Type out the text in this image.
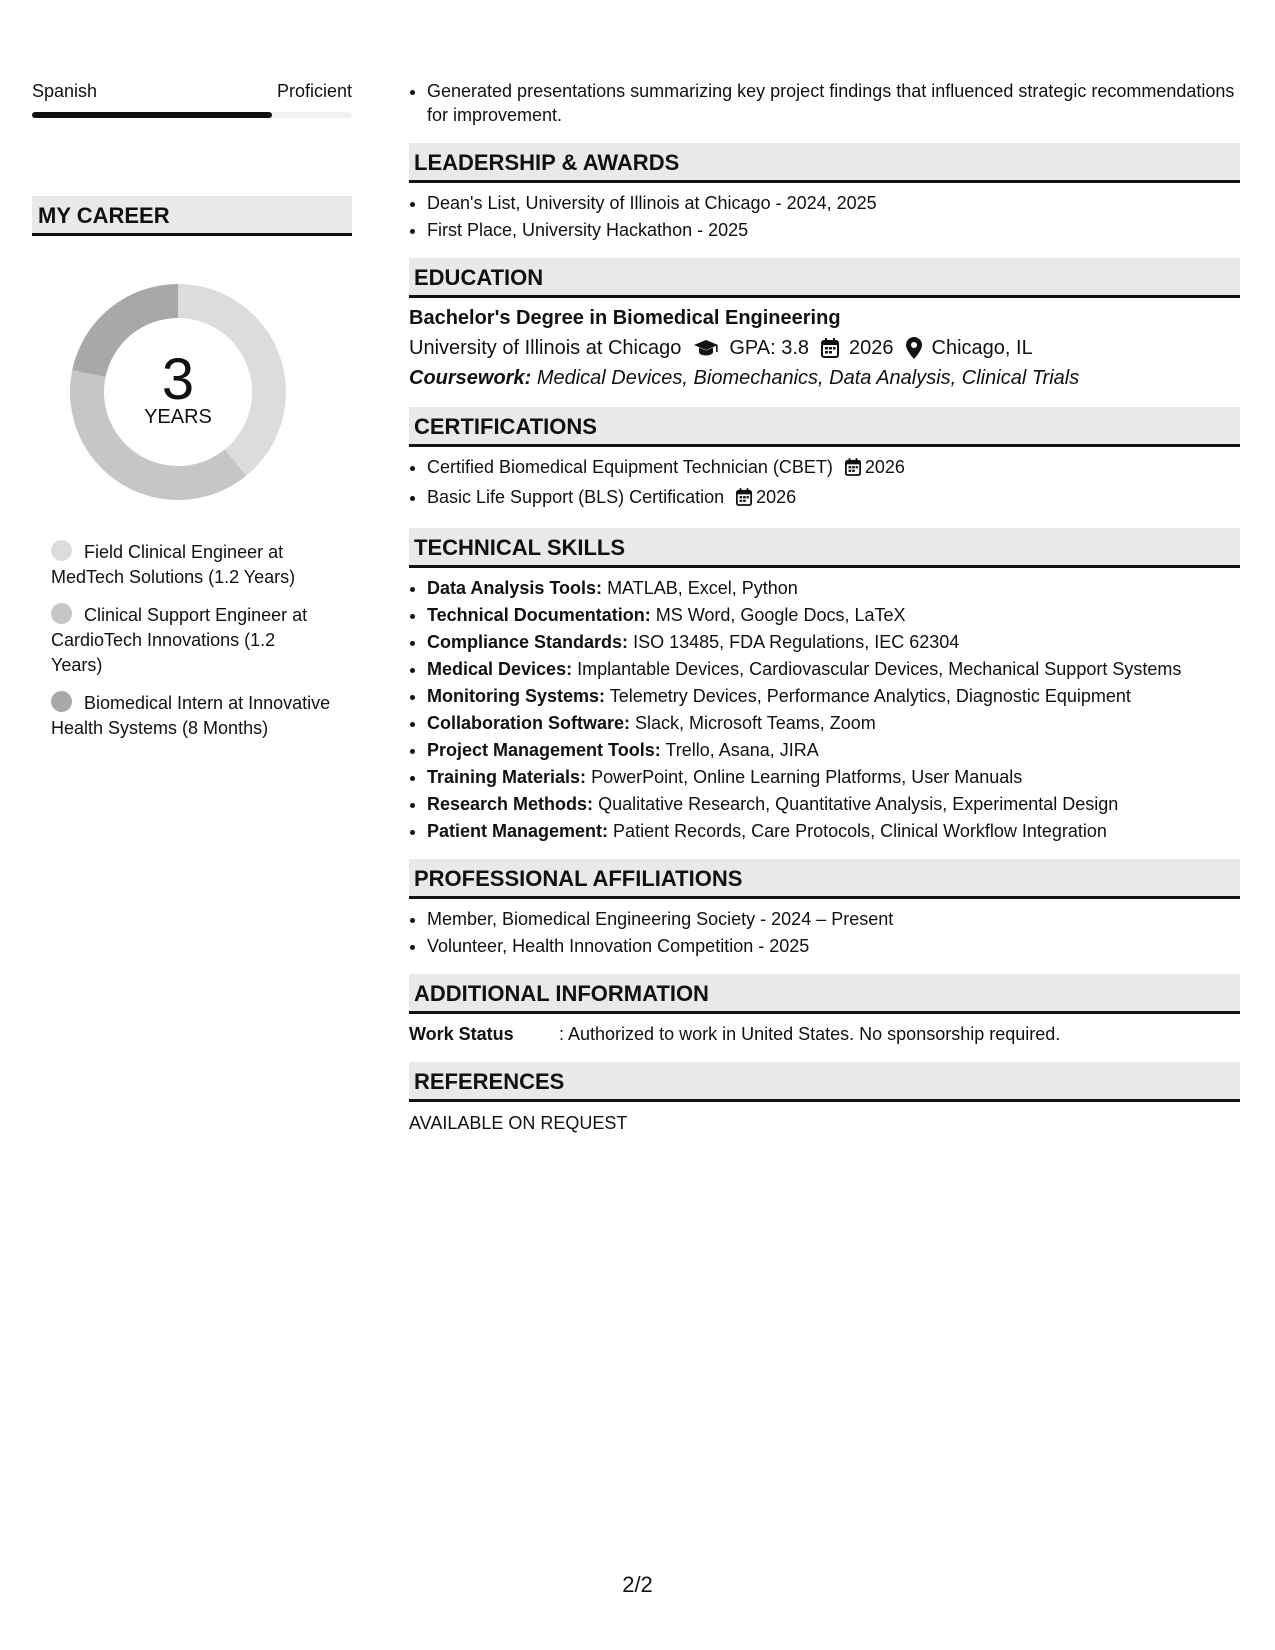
Spanish	Proficient
MY CAREER
3
YEARS
Field Clinical Engineer at MedTech Solutions (1.2 Years)
Clinical Support Engineer at CardioTech Innovations (1.2 Years)
Biomedical Intern at Innovative Health Systems (8 Months)
• Generated presentations summarizing key project findings that influenced strategic recommendations for improvement.
LEADERSHIP & AWARDS
• Dean's List, University of Illinois at Chicago - 2024, 2025
• First Place, University Hackathon - 2025
EDUCATION
Bachelor's Degree in Biomedical Engineering
University of Illinois at Chicago GPA: 3.8 2026 Chicago, IL
Coursework: Medical Devices, Biomechanics, Data Analysis, Clinical Trials
CERTIFICATIONS
• Certified Biomedical Equipment Technician (CBET) 2026
• Basic Life Support (BLS) Certification 2026
TECHNICAL SKILLS
• Data Analysis Tools: MATLAB, Excel, Python
• Technical Documentation: MS Word, Google Docs, LaTeX
• Compliance Standards: ISO 13485, FDA Regulations, IEC 62304
• Medical Devices: Implantable Devices, Cardiovascular Devices, Mechanical Support Systems
• Monitoring Systems: Telemetry Devices, Performance Analytics, Diagnostic Equipment
• Collaboration Software: Slack, Microsoft Teams, Zoom
• Project Management Tools: Trello, Asana, JIRA
• Training Materials: PowerPoint, Online Learning Platforms, User Manuals
• Research Methods: Qualitative Research, Quantitative Analysis, Experimental Design
• Patient Management: Patient Records, Care Protocols, Clinical Workflow Integration
PROFESSIONAL AFFILIATIONS
• Member, Biomedical Engineering Society - 2024 – Present
• Volunteer, Health Innovation Competition - 2025
ADDITIONAL INFORMATION
Work Status	: Authorized to work in United States. No sponsorship required.
REFERENCES
AVAILABLE ON REQUEST
2/2
